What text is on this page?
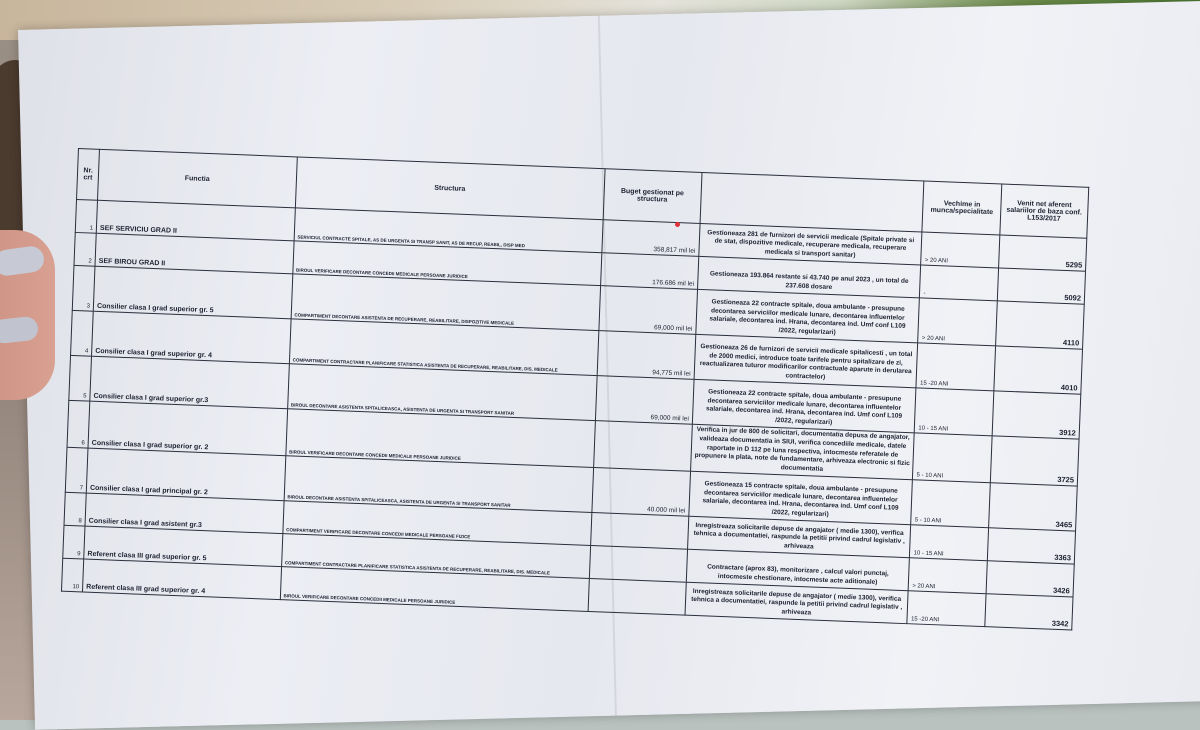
Nr. crt	Functia	Structura	Buget gestionat pe structura		Vechime in munca/specialitate	Venit net aferent salariilor de baza conf. L153/2017
1	SEF SERVICIU GRAD II	SERVICIUL CONTRACTE SPITALE, AS DE URGENTA SI TRANSP SANIT, AS DE RECUP, REABIL, DISP MED	358,817 mil lei	Gestioneaza 281 de furnizori de servicii medicale (Spitale private si de stat, dispozitive medicale, recuperare medicala, recuperare medicala si transport sanitar)	> 20 ANI	5295
2	SEF BIROU GRAD II	BIROUL VERIFICARE DECONTARE CONCEDII MEDICALE PERSOANE JURIDICE	176.686 mil lei	Gestioneaza 193.864 restante si 43.740 pe anul 2023 , un total de 237.608 dosare	-	5092
3	Consilier clasa I grad superior gr. 5	COMPARTIMENT DECONTARE ASISTENTA DE RECUPERARE, REABILITARE, DISPOZITIVE MEDICALE	69,000 mil lei	Gestioneaza 22 contracte spitale, doua ambulante - presupune decontarea serviciilor medicale lunare, decontarea influentelor salariale, decontarea ind. Hrana, decontarea ind. Umf conf L109 /2022, regularizari)	> 20 ANI	4110
4	Consilier clasa I grad superior gr. 4	COMPARTIMENT CONTRACTARE PLANIFICARE STATISTICA ASISTENTA DE RECUPERARE, REABILITARE, DIS. MEDICALE	94,775 mil lei	Gestioneaza 26 de furnizori de servicii medicale spitalicesti , un total de 2000 medici, introduce toate tarifele pentru spitalizare de zi, reactualizarea tuturor modificarilor contractuale aparute in derularea contractelor)	15 -20 ANI	4010
5	Consilier clasa I grad superior gr.3	BIROUL DECONTARE ASISTENTA SPITALICEASCA, ASISTENTA DE URGENTA SI TRANSPORT SANITAR	69,000 mil lei	Gestioneaza 22 contracte spitale, doua ambulante - presupune decontarea serviciilor medicale lunare, decontarea influentelor salariale, decontarea ind. Hrana, decontarea ind. Umf conf L109 /2022, regularizari)	10 - 15 ANI	3912
6	Consilier clasa I grad superior gr. 2	BIROUL VERIFICARE DECONTARE CONCEDII MEDICALE PERSOANE JURIDICE		Verifica in jur de 800 de solicitari, documentatia depusa de angajator, valideaza documentatia in SIUI, verifica concediile medicale, datele raportate in D 112 pe luna respectiva, intocmeste referatele de propunere la plata, note de fundamentare, arhiveaza electronic si fizic documentatia	5 - 10 ANI	3725
7	Consilier clasa I grad principal gr. 2	BIROUL DECONTARE ASISTENTA SPITALICEASCA, ASISTENTA DE URGENTA SI TRANSPORT SANITAR	40.000 mil lei	Gestioneaza 15 contracte spitale, doua ambulante - presupune decontarea serviciilor medicale lunare, decontarea influentelor salariale, decontarea ind. Hrana, decontarea ind. Umf conf L109 /2022, regularizari)	5 - 10 ANI	3465
8	Consilier clasa I grad asistent gr.3	COMPARTIMENT VERIFICARE DECONTARE CONCEDII MEDICALE PERSOANE FIZICE		Inregistreaza solicitarile depuse de angajator ( medie 1300), verifica tehnica a documentatiei, raspunde la petitii privind cadrul legislativ , arhiveaza	10 - 15 ANI	3363
9	Referent clasa III grad superior gr. 5	COMPARTIMENT CONTRACTARE PLANIFICARE STATISTICA ASISTENTA DE RECUPERARE, REABILITARE, DIS. MEDICALE		Contractare (aprox 83), monitorizare , calcul valori punctaj, intocmeste chestionare, intocmeste acte aditionale)	> 20 ANI	3426
10	Referent clasa III grad superior gr. 4	BIROUL VERIFICARE DECONTARE CONCEDII MEDICALE PERSOANE JURIDICE		Inregistreaza solicitarile depuse de angajator ( medie 1300), verifica tehnica a documentatiei, raspunde la petitii privind cadrul legislativ , arhiveaza	15 -20 ANI	3342
